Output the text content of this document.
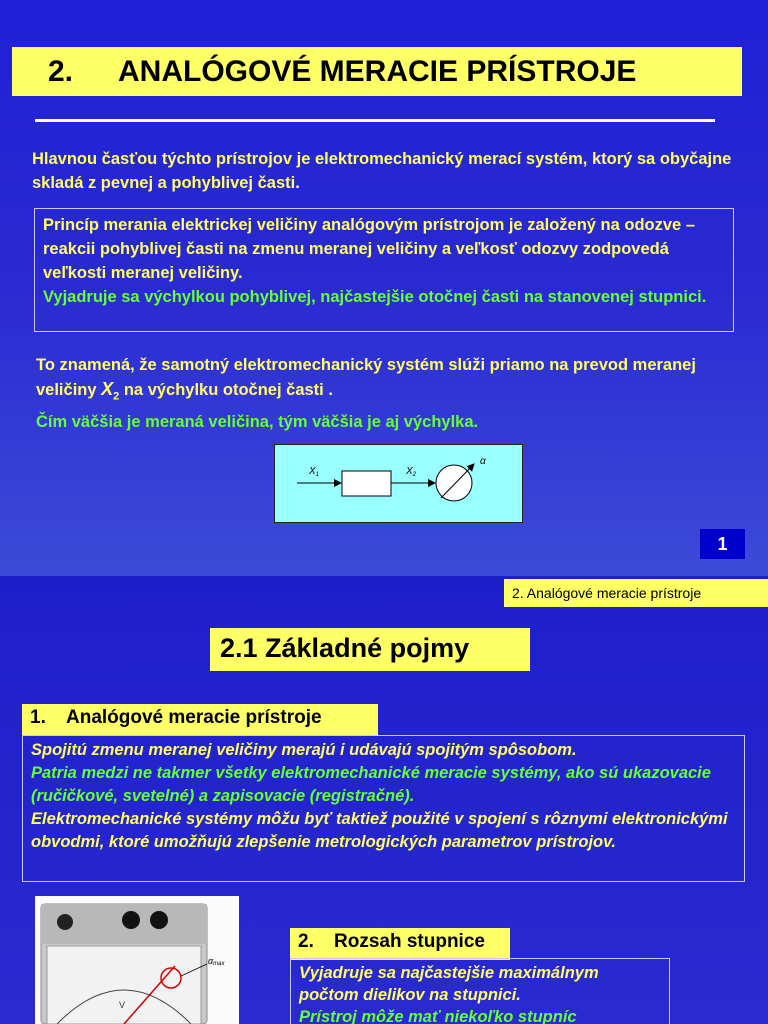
2. ANALÓGOVÉ MERACIE PRÍSTROJE
Hlavnou časťou týchto prístrojov je elektromechanický merací systém, ktorý sa obyčajne skladá z pevnej a pohyblivej časti.
Princíp merania elektrickej veličiny analógovým prístrojom je založený na odozve – reakcii pohyblivej časti na zmenu meranej veličiny a veľkosť odozvy zodpovedá veľkosti meranej veličiny.
Vyjadruje sa výchylkou pohyblivej, najčastejšie otočnej časti na stanovenej stupnici.
To znamená, že samotný elektromechanický systém slúži priamo na prevod meranej veličiny $X_2$ na výchylku otočnej časti .
Čím väčšia je meraná veličina, tým väčšia je aj výchylka.
$X_1$	$X_2$
α
1
2. Analógové meracie prístroje
2.1 Základné pojmy
1. Analógové meracie prístroje
Spojitú zmenu meranej veličiny merajú i udávajú spojitým spôsobom.
Patria medzi ne takmer všetky elektromechanické meracie systémy, ako sú ukazovacie (ručičkové, svetelné) a zapisovacie (registračné).
Elektromechanické systémy môžu byť taktiež použité v spojení s rôznymi elektronickými obvodmi, ktoré umožňujú zlepšenie metrologických parametrov prístrojov.
V
αmax
2. Rozsah stupnice
Vyjadruje sa najčastejšie maximálnym počtom dielikov na stupnici.
Prístroj môže mať niekoľko stupníc
